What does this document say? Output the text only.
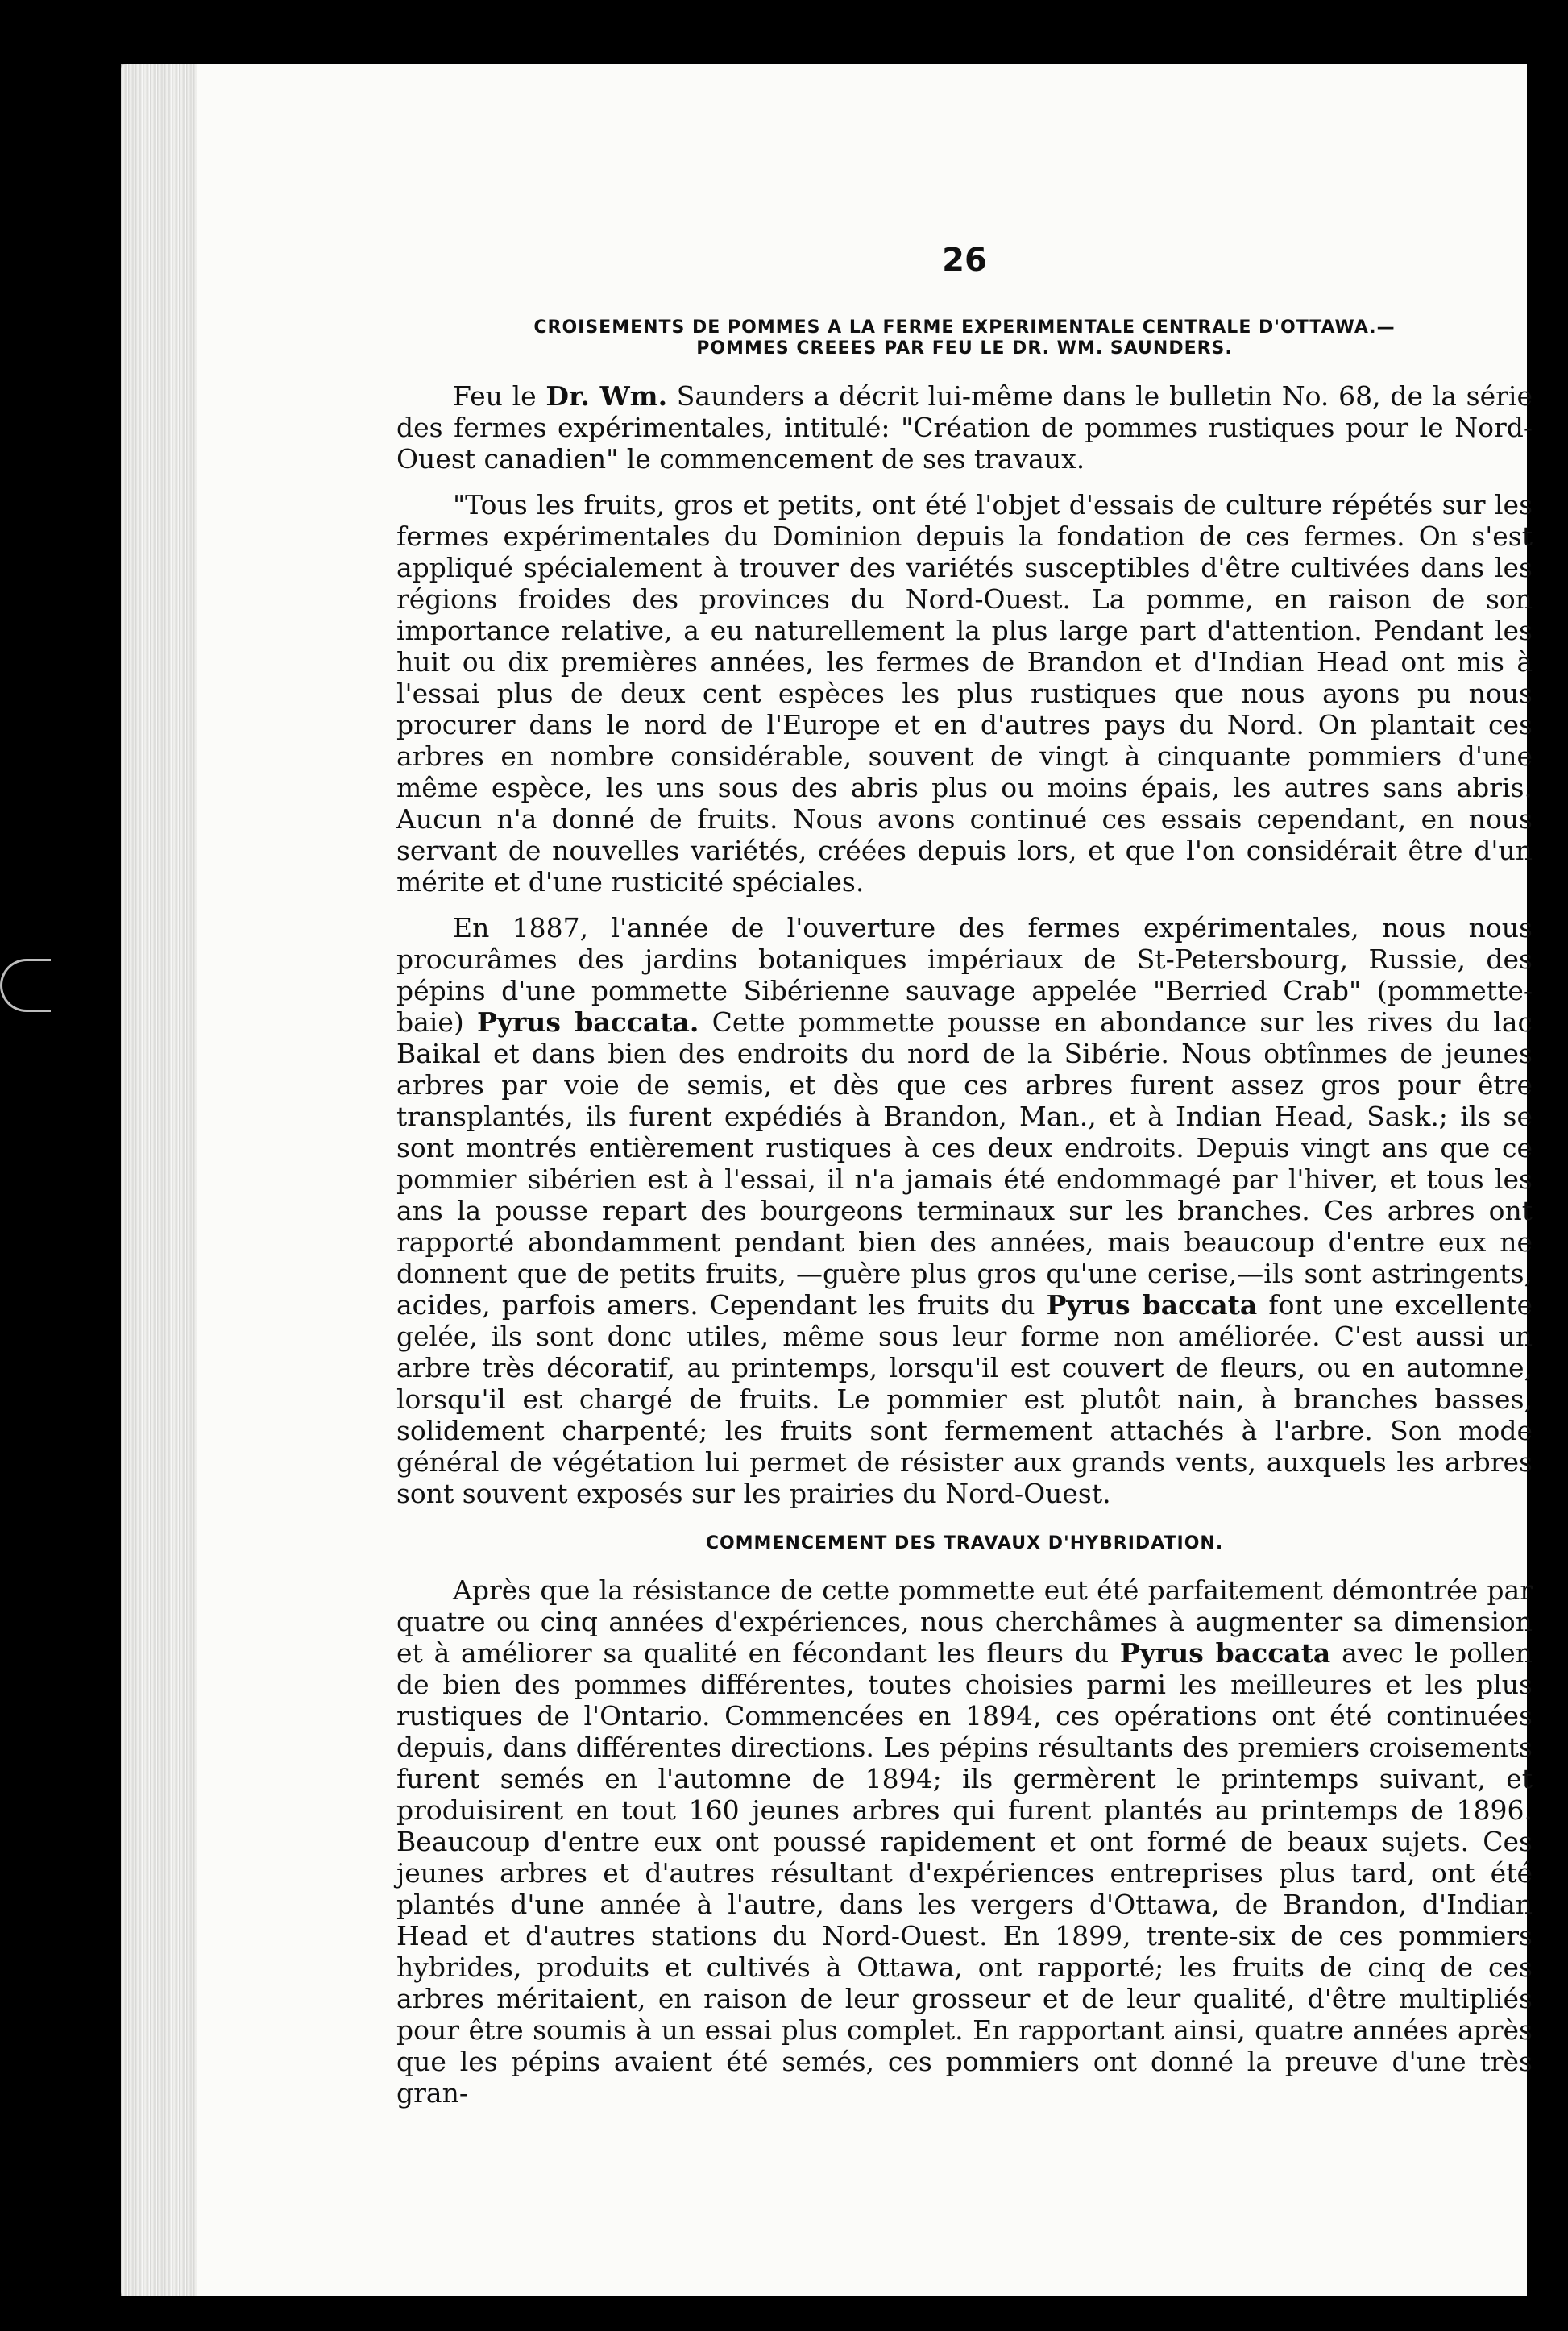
26
CROISEMENTS DE POMMES A LA FERME EXPERIMENTALE CENTRALE D'OTTAWA.—
POMMES CREEES PAR FEU LE DR. WM. SAUNDERS.

Feu le Dr. Wm. Saunders a décrit lui-même dans le bulletin No. 68, de la série des fermes expérimentales, intitulé: "Création de pommes rustiques pour le Nord-Ouest canadien" le commencement de ses travaux.

"Tous les fruits, gros et petits, ont été l'objet d'essais de culture répétés sur les fermes expérimentales du Dominion depuis la fondation de ces fermes. On s'est appliqué spécialement à trouver des variétés susceptibles d'être cultivées dans les régions froides des provinces du Nord-Ouest. La pomme, en raison de son importance relative, a eu naturellement la plus large part d'attention. Pendant les huit ou dix premières années, les fermes de Brandon et d'Indian Head ont mis à l'essai plus de deux cent espèces les plus rustiques que nous ayons pu nous procurer dans le nord de l'Europe et en d'autres pays du Nord. On plantait ces arbres en nombre considérable, souvent de vingt à cinquante pommiers d'une même espèce, les uns sous des abris plus ou moins épais, les autres sans abris. Aucun n'a donné de fruits. Nous avons continué ces essais cependant, en nous servant de nouvelles variétés, créées depuis lors, et que l'on considérait être d'un mérite et d'une rusticité spéciales.

En 1887, l'année de l'ouverture des fermes expérimentales, nous nous procurâmes des jardins botaniques impériaux de St-Petersbourg, Russie, des pépins d'une pommette Sibérienne sauvage appelée "Berried Crab" (pommette-baie) Pyrus baccata. Cette pommette pousse en abondance sur les rives du lac Baikal et dans bien des endroits du nord de la Sibérie. Nous obtînmes de jeunes arbres par voie de semis, et dès que ces arbres furent assez gros pour être transplantés, ils furent expédiés à Brandon, Man., et à Indian Head, Sask.; ils se sont montrés entièrement rustiques à ces deux endroits. Depuis vingt ans que ce pommier sibérien est à l'essai, il n'a jamais été endommagé par l'hiver, et tous les ans la pousse repart des bourgeons terminaux sur les branches. Ces arbres ont rapporté abondamment pendant bien des années, mais beaucoup d'entre eux ne donnent que de petits fruits, —guère plus gros qu'une cerise,—ils sont astringents, acides, parfois amers. Cependant les fruits du Pyrus baccata font une excellente gelée, ils sont donc utiles, même sous leur forme non améliorée. C'est aussi un arbre très décoratif, au printemps, lorsqu'il est couvert de fleurs, ou en automne, lorsqu'il est chargé de fruits. Le pommier est plutôt nain, à branches basses, solidement charpenté; les fruits sont fermement attachés à l'arbre. Son mode général de végétation lui permet de résister aux grands vents, auxquels les arbres sont souvent exposés sur les prairies du Nord-Ouest.

COMMENCEMENT DES TRAVAUX D'HYBRIDATION.

Après que la résistance de cette pommette eut été parfaitement démontrée par quatre ou cinq années d'expériences, nous cherchâmes à augmenter sa dimension et à améliorer sa qualité en fécondant les fleurs du Pyrus baccata avec le pollen de bien des pommes différentes, toutes choisies parmi les meilleures et les plus rustiques de l'Ontario. Commencées en 1894, ces opérations ont été continuées depuis, dans différentes directions. Les pépins résultants des premiers croisements furent semés en l'automne de 1894; ils germèrent le printemps suivant, et produisirent en tout 160 jeunes arbres qui furent plantés au printemps de 1896. Beaucoup d'entre eux ont poussé rapidement et ont formé de beaux sujets. Ces jeunes arbres et d'autres résultant d'expériences entreprises plus tard, ont été plantés d'une année à l'autre, dans les vergers d'Ottawa, de Brandon, d'Indian Head et d'autres stations du Nord-Ouest. En 1899, trente-six de ces pommiers hybrides, produits et cultivés à Ottawa, ont rapporté; les fruits de cinq de ces arbres méritaient, en raison de leur grosseur et de leur qualité, d'être multipliés pour être soumis à un essai plus complet. En rapportant ainsi, quatre années après que les pépins avaient été semés, ces pommiers ont donné la preuve d'une très gran-
